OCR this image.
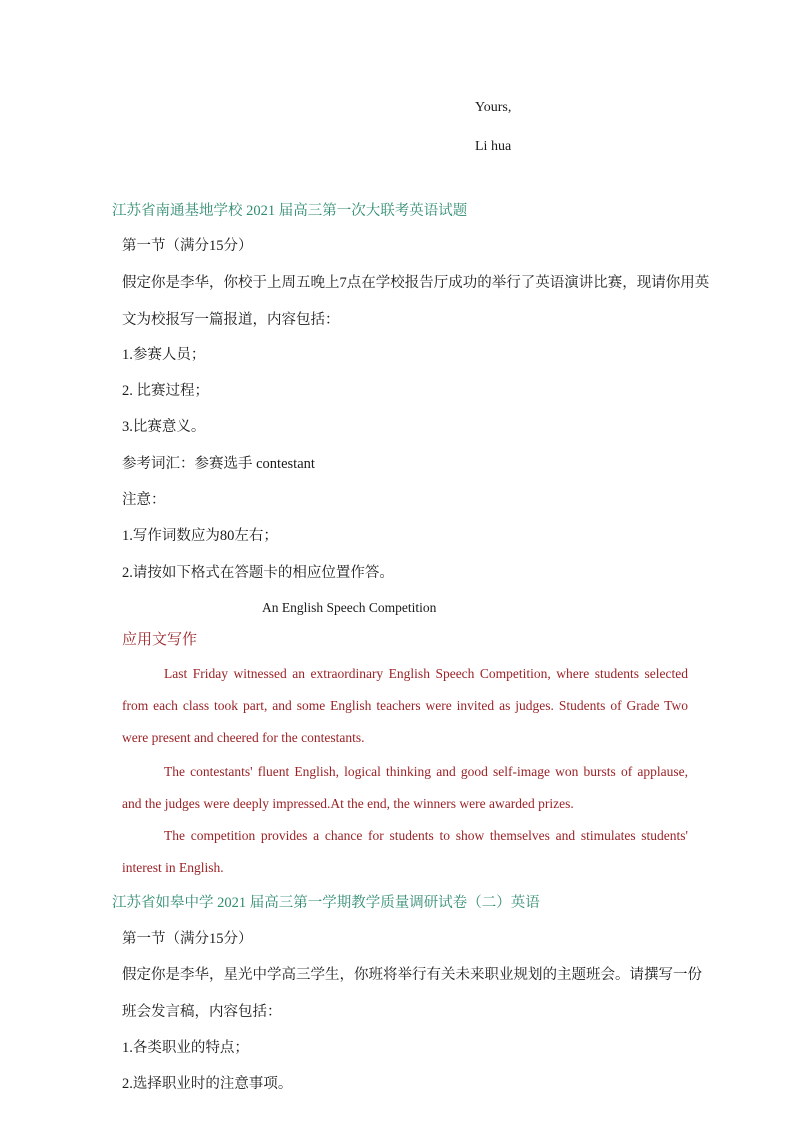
Yours,
Li hua
江苏省南通基地学校 2021 届高三第一次大联考英语试题
第一节（满分15分）
假定你是李华，你校于上周五晚上7点在学校报告厅成功的举行了英语演讲比赛，现请你用英
文为校报写一篇报道，内容包括：
1.参赛人员；
2. 比赛过程；
3.比赛意义。
参考词汇：参赛选手 contestant
注意：
1.写作词数应为80左右；
2.请按如下格式在答题卡的相应位置作答。
An English Speech Competition
应用文写作

Last Friday witnessed an extraordinary English Speech Competition, where students selected from each class took part, and some English teachers were invited as judges. Students of Grade Two were present and cheered for the contestants.

The contestants' fluent English, logical thinking and good self-image won bursts of applause, and the judges were deeply impressed.At the end, the winners were awarded prizes.

The competition provides a chance for students to show themselves and stimulates students' interest in English.

江苏省如皋中学 2021 届高三第一学期教学质量调研试卷（二）英语
第一节（满分15分）
假定你是李华，星光中学高三学生，你班将举行有关未来职业规划的主题班会。请撰写一份
班会发言稿，内容包括：
1.各类职业的特点；
2.选择职业时的注意事项。
